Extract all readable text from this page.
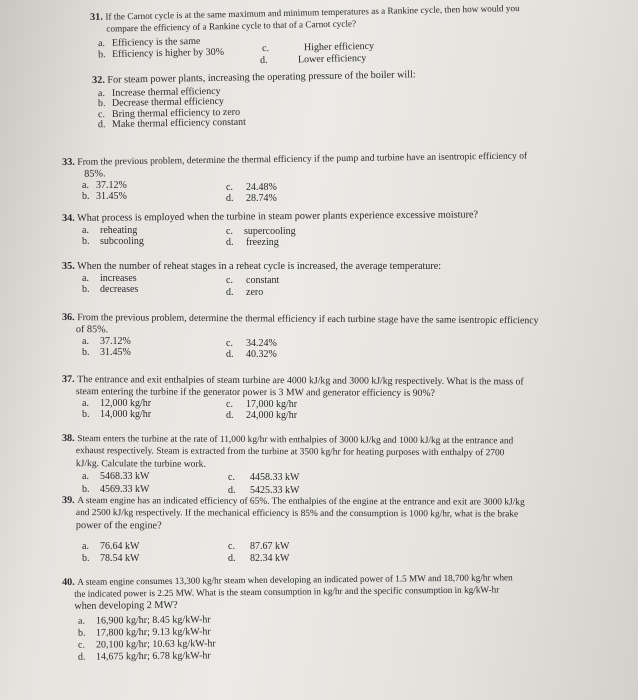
31. If the Carnot cycle is at the same maximum and minimum temperatures as a Rankine cycle, then how would you
compare the efficiency of a Rankine cycle to that of a Carnot cycle?
a. Efficiency is the same
b. Efficiency is higher by 30%	c.	Higher efficiency
d.	Lower efficiency
32. For steam power plants, increasing the operating pressure of the boiler will:
a. Increase thermal efficiency
b. Decrease thermal efficiency
c. Bring thermal efficiency to zero
d. Make thermal efficiency constant
33. From the previous problem, determine the thermal efficiency if the pump and turbine have an isentropic efficiency of
85%.
a. 37.12%
b. 31.45%
c. 24.48%
d. 28.74%
34. What process is employed when the turbine in steam power plants experience excessive moisture?
a. reheating
b. subcooling
c. supercooling
d. freezing
35. When the number of reheat stages in a reheat cycle is increased, the average temperature:
a. increases
b. decreases
c. constant
d. zero
36. From the previous problem, determine the thermal efficiency if each turbine stage have the same isentropic efficiency
of 85%.
a. 37.12%
b. 31.45%
c. 34.24%
d. 40.32%
37. The entrance and exit enthalpies of steam turbine are 4000 kJ/kg and 3000 kJ/kg respectively. What is the mass of
steam entering the turbine if the generator power is 3 MW and generator efficiency is 90%?
a. 12,000 kg/hr
b. 14,000 kg/hr
c. 17,000 kg/hr
d. 24,000 kg/hr
38. Steam enters the turbine at the rate of 11,000 kg/hr with enthalpies of 3000 kJ/kg and 1000 kJ/kg at the entrance and
exhaust respectively. Steam is extracted from the turbine at 3500 kg/hr for heating purposes with enthalpy of 2700
kJ/kg. Calculate the turbine work.
a. 5468.33 kW
b. 4569.33 kW
c. 4458.33 kW
d. 5425.33 kW
39. A steam engine has an indicated efficiency of 65%. The enthalpies of the engine at the entrance and exit are 3000 kJ/kg
and 2500 kJ/kg respectively. If the mechanical efficiency is 85% and the consumption is 1000 kg/hr, what is the brake
power of the engine?
a. 76.64 kW
b. 78.54 kW
c. 87.67 kW
d. 82.34 kW
40. A steam engine consumes 13,300 kg/hr steam when developing an indicated power of 1.5 MW and 18,700 kg/hr when
the indicated power is 2.25 MW. What is the steam consumption in kg/hr and the specific consumption in kg/kW-hr
when developing 2 MW?
a. 16,900 kg/hr; 8.45 kg/kW-hr
b. 17,800 kg/hr; 9.13 kg/kW-hr
c. 20,100 kg/hr; 10.63 kg/kW-hr
d. 14,675 kg/hr; 6.78 kg/kW-hr
